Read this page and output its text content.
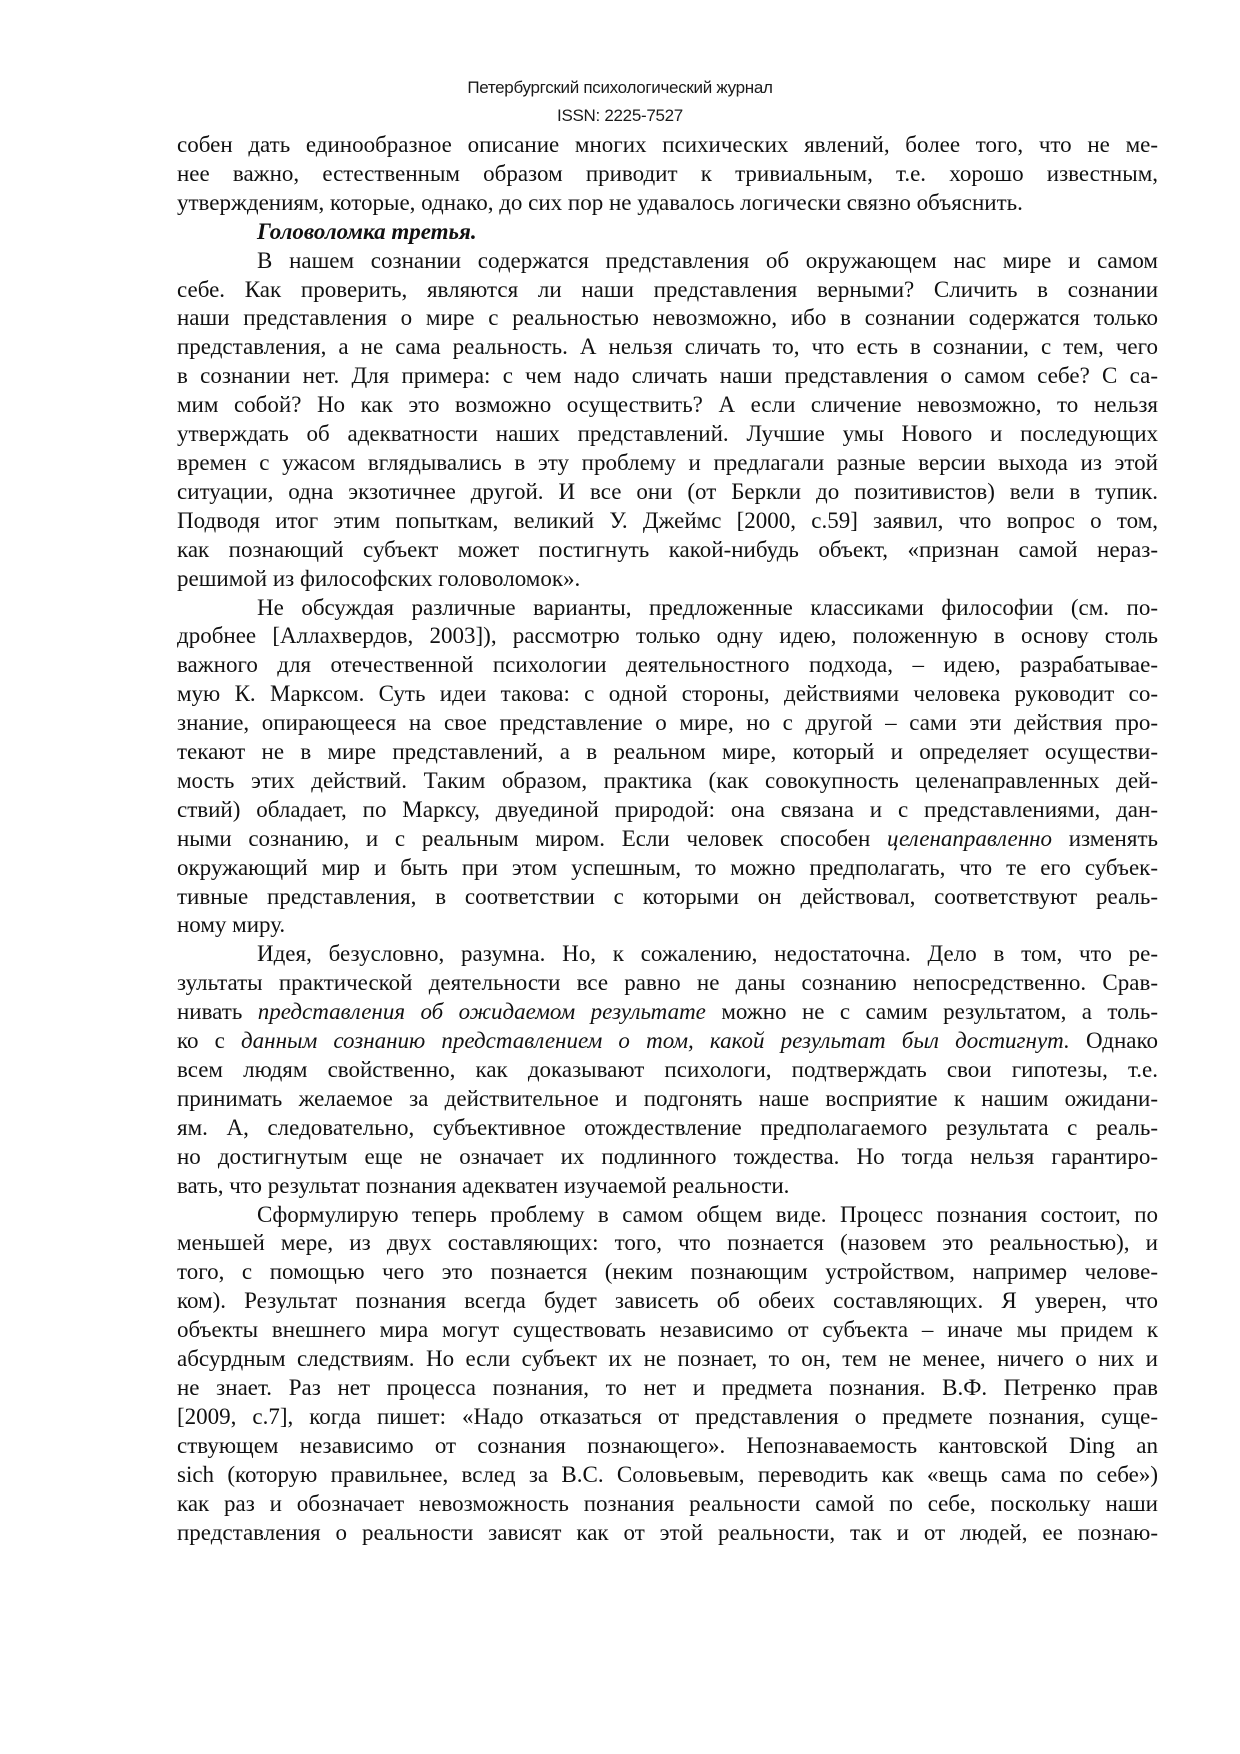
Петербургский психологический журнал
ISSN: 2225-7527
собен дать единообразное описание многих психических явлений, более того, что не ме-
нее важно, естественным образом приводит к тривиальным, т.е. хорошо известным,
утверждениям, которые, однако, до сих пор не удавалось логически связно объяснить.
Головоломка третья.
В нашем сознании содержатся представления об окружающем нас мире и самом
себе. Как проверить, являются ли наши представления верными? Сличить в сознании
наши представления о мире с реальностью невозможно, ибо в сознании содержатся только
представления, а не сама реальность. А нельзя сличать то, что есть в сознании, с тем, чего
в сознании нет. Для примера: с чем надо сличать наши представления о самом себе? С са-
мим собой? Но как это возможно осуществить? А если сличение невозможно, то нельзя
утверждать об адекватности наших представлений. Лучшие умы Нового и последующих
времен с ужасом вглядывались в эту проблему и предлагали разные версии выхода из этой
ситуации, одна экзотичнее другой. И все они (от Беркли до позитивистов) вели в тупик.
Подводя итог этим попыткам, великий У. Джеймс [2000, с.59] заявил, что вопрос о том,
как познающий субъект может постигнуть какой-нибудь объект, «признан самой нераз-
решимой из философских головоломок».
Не обсуждая различные варианты, предложенные классиками философии (см. по-
дробнее [Аллахвердов, 2003]), рассмотрю только одну идею, положенную в основу столь
важного для отечественной психологии деятельностного подхода, – идею, разрабатывае-
мую К. Марксом. Суть идеи такова: с одной стороны, действиями человека руководит со-
знание, опирающееся на свое представление о мире, но с другой – сами эти действия про-
текают не в мире представлений, а в реальном мире, который и определяет осуществи-
мость этих действий. Таким образом, практика (как совокупность целенаправленных дей-
ствий) обладает, по Марксу, двуединой природой: она связана и с представлениями, дан-
ными сознанию, и с реальным миром. Если человек способен целенаправленно изменять
окружающий мир и быть при этом успешным, то можно предполагать, что те его субъек-
тивные представления, в соответствии с которыми он действовал, соответствуют реаль-
ному миру.
Идея, безусловно, разумна. Но, к сожалению, недостаточна. Дело в том, что ре-
зультаты практической деятельности все равно не даны сознанию непосредственно. Срав-
нивать представления об ожидаемом результате можно не с самим результатом, а толь-
ко с данным сознанию представлением о том, какой результат был достигнут. Однако
всем людям свойственно, как доказывают психологи, подтверждать свои гипотезы, т.е.
принимать желаемое за действительное и подгонять наше восприятие к нашим ожидани-
ям. А, следовательно, субъективное отождествление предполагаемого результата с реаль-
но достигнутым еще не означает их подлинного тождества. Но тогда нельзя гарантиро-
вать, что результат познания адекватен изучаемой реальности.
Сформулирую теперь проблему в самом общем виде. Процесс познания состоит, по
меньшей мере, из двух составляющих: того, что познается (назовем это реальностью), и
того, с помощью чего это познается (неким познающим устройством, например челове-
ком). Результат познания всегда будет зависеть об обеих составляющих. Я уверен, что
объекты внешнего мира могут существовать независимо от субъекта – иначе мы придем к
абсурдным следствиям. Но если субъект их не познает, то он, тем не менее, ничего о них и
не знает. Раз нет процесса познания, то нет и предмета познания. В.Ф. Петренко прав
[2009, с.7], когда пишет: «Надо отказаться от представления о предмете познания, суще-
ствующем независимо от сознания познающего». Непознаваемость кантовской Ding an
sich (которую правильнее, вслед за В.С. Соловьевым, переводить как «вещь сама по себе»)
как раз и обозначает невозможность познания реальности самой по себе, поскольку наши
представления о реальности зависят как от этой реальности, так и от людей, ее познаю-
